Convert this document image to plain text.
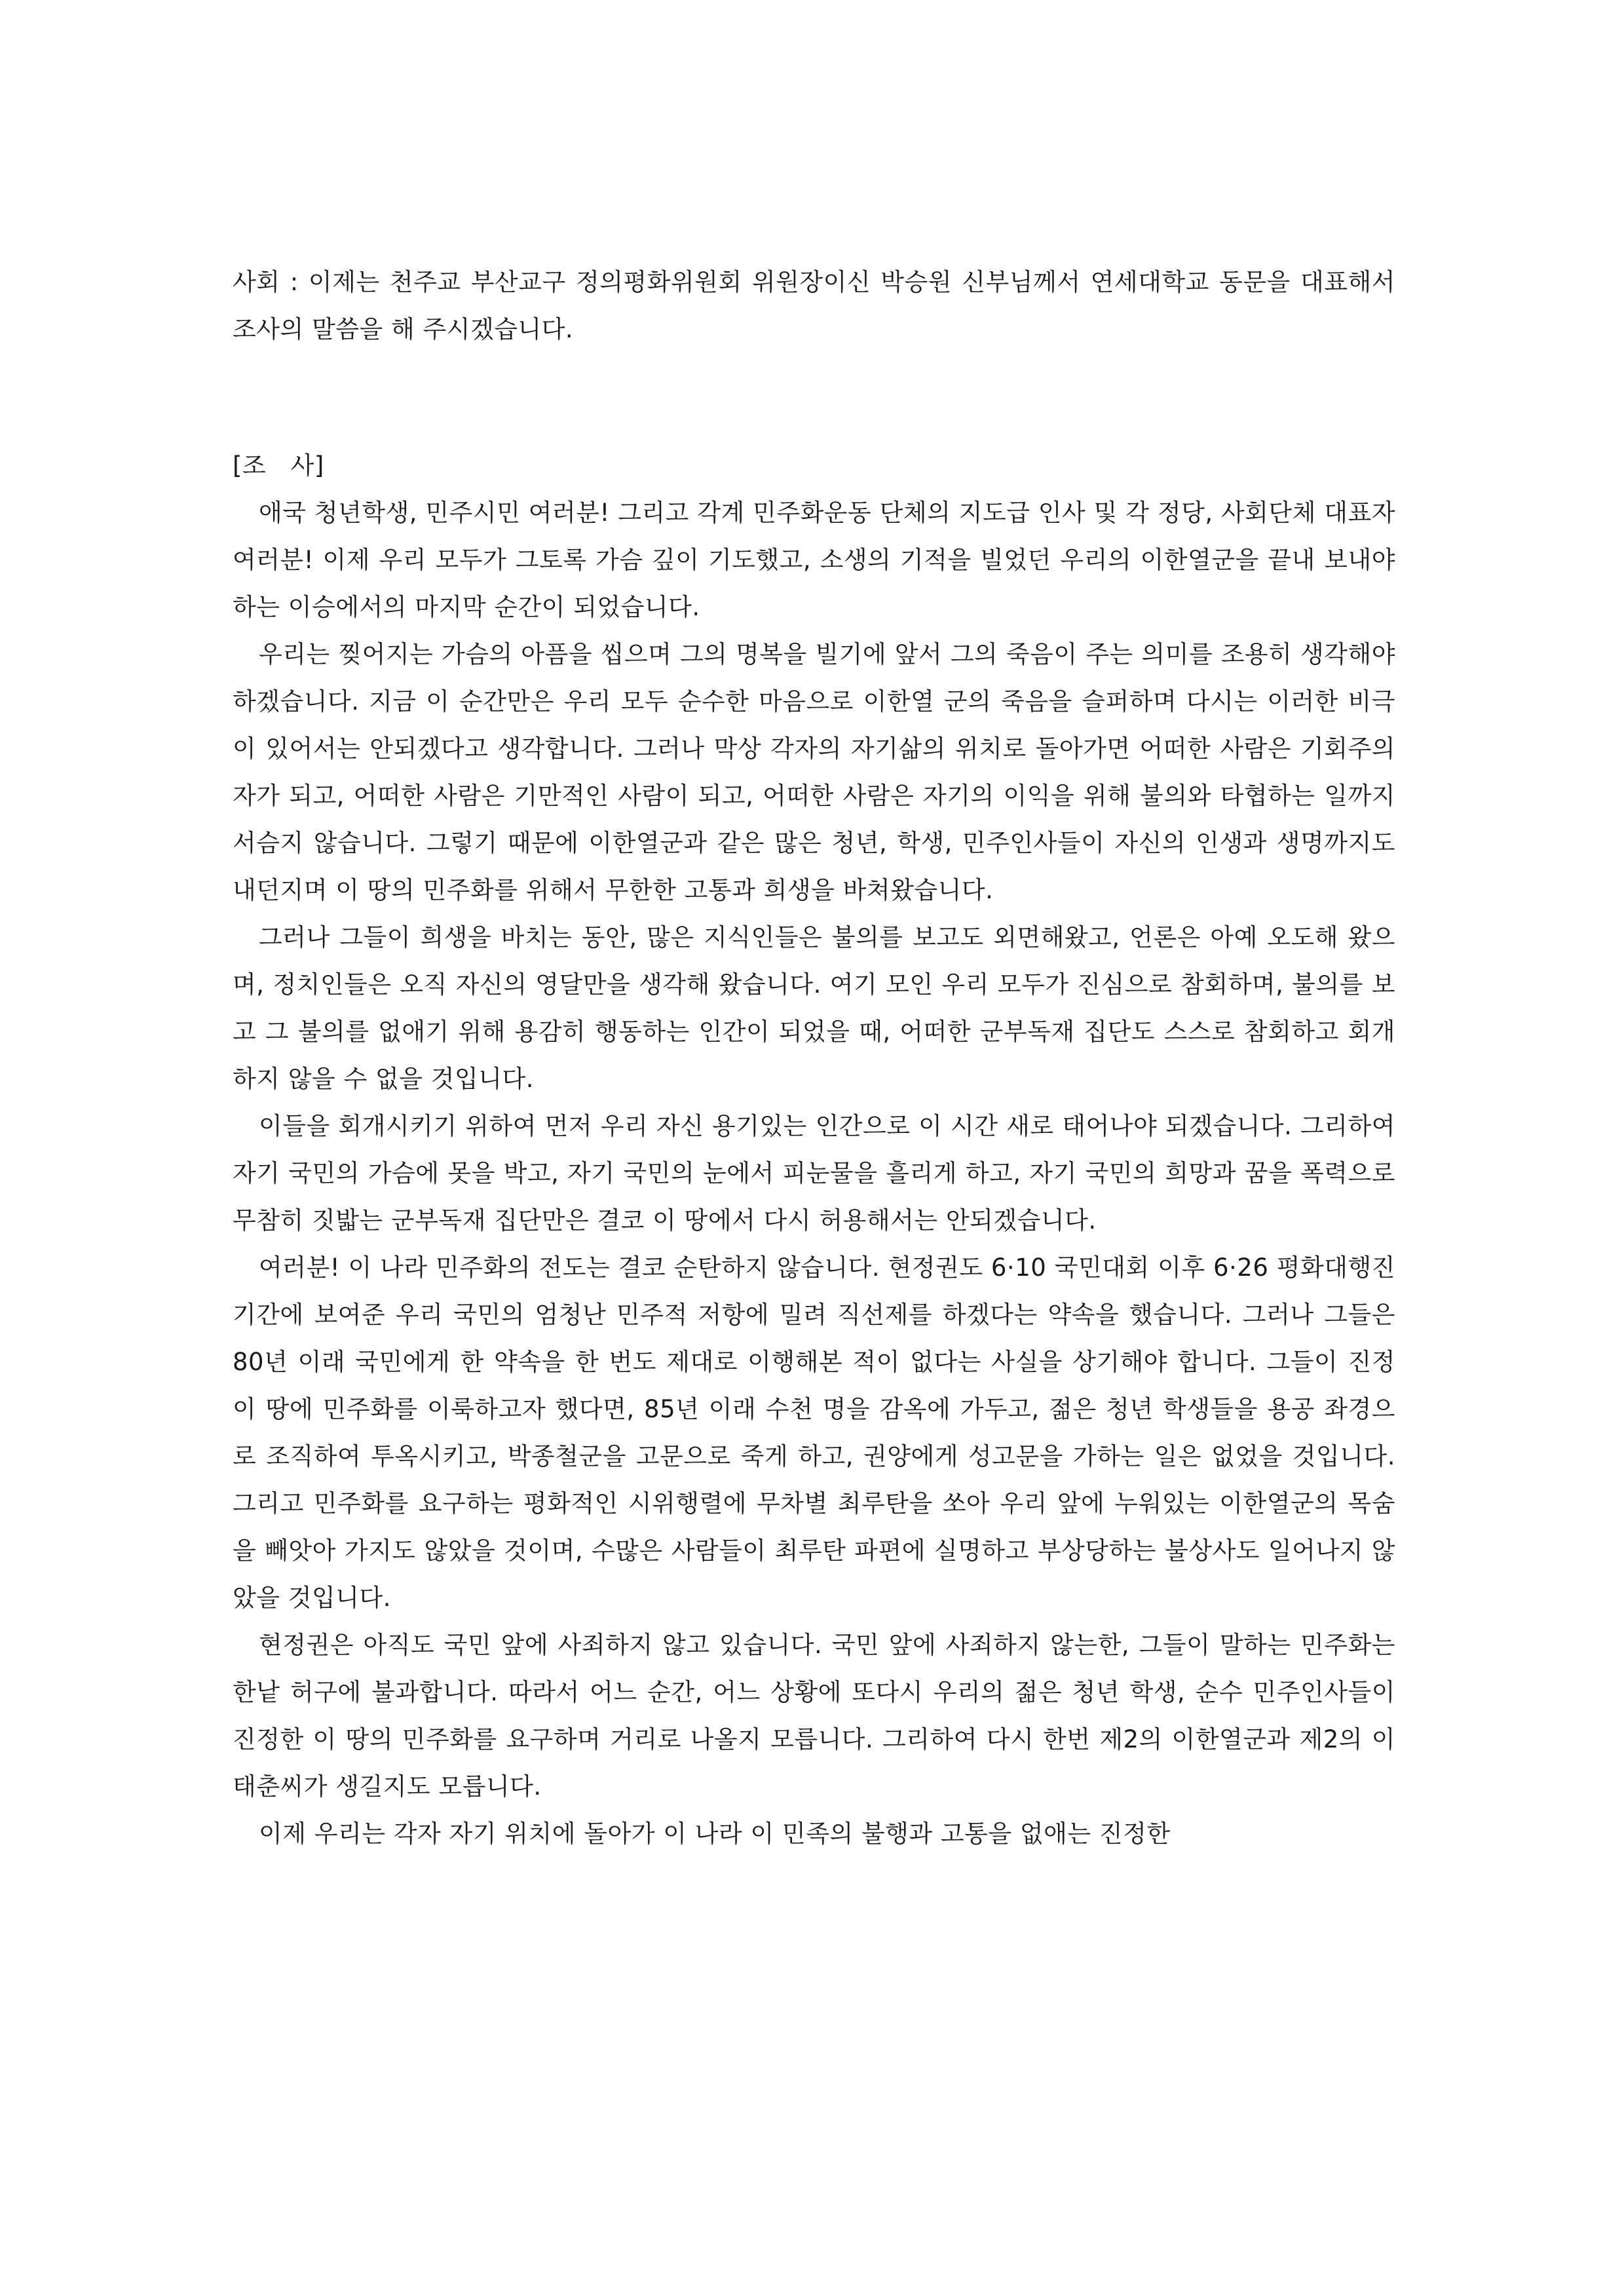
사회 : 이제는 천주교 부산교구 정의평화위원회 위원장이신 박승원 신부님께서 연세대학교 동문을 대표해서 조사의 말씀을 해 주시겠습니다.

[조　사]

애국 청년학생, 민주시민 여러분! 그리고 각계 민주화운동 단체의 지도급 인사 및 각 정당, 사회단체 대표자 여러분! 이제 우리 모두가 그토록 가슴 깊이 기도했고, 소생의 기적을 빌었던 우리의 이한열군을 끝내 보내야 하는 이승에서의 마지막 순간이 되었습니다.

우리는 찢어지는 가슴의 아픔을 씹으며 그의 명복을 빌기에 앞서 그의 죽음이 주는 의미를 조용히 생각해야 하겠습니다. 지금 이 순간만은 우리 모두 순수한 마음으로 이한열 군의 죽음을 슬퍼하며 다시는 이러한 비극이 있어서는 안되겠다고 생각합니다. 그러나 막상 각자의 자기삶의 위치로 돌아가면 어떠한 사람은 기회주의자가 되고, 어떠한 사람은 기만적인 사람이 되고, 어떠한 사람은 자기의 이익을 위해 불의와 타협하는 일까지 서슴지 않습니다. 그렇기 때문에 이한열군과 같은 많은 청년, 학생, 민주인사들이 자신의 인생과 생명까지도 내던지며 이 땅의 민주화를 위해서 무한한 고통과 희생을 바쳐왔습니다.

그러나 그들이 희생을 바치는 동안, 많은 지식인들은 불의를 보고도 외면해왔고, 언론은 아예 오도해 왔으며, 정치인들은 오직 자신의 영달만을 생각해 왔습니다. 여기 모인 우리 모두가 진심으로 참회하며, 불의를 보고 그 불의를 없애기 위해 용감히 행동하는 인간이 되었을 때, 어떠한 군부독재 집단도 스스로 참회하고 회개하지 않을 수 없을 것입니다.

이들을 회개시키기 위하여 먼저 우리 자신 용기있는 인간으로 이 시간 새로 태어나야 되겠습니다. 그리하여 자기 국민의 가슴에 못을 박고, 자기 국민의 눈에서 피눈물을 흘리게 하고, 자기 국민의 희망과 꿈을 폭력으로 무참히 짓밟는 군부독재 집단만은 결코 이 땅에서 다시 허용해서는 안되겠습니다.

여러분! 이 나라 민주화의 전도는 결코 순탄하지 않습니다. 현정권도 6·10 국민대회 이후 6·26 평화대행진 기간에 보여준 우리 국민의 엄청난 민주적 저항에 밀려 직선제를 하겠다는 약속을 했습니다. 그러나 그들은 80년 이래 국민에게 한 약속을 한 번도 제대로 이행해본 적이 없다는 사실을 상기해야 합니다. 그들이 진정 이 땅에 민주화를 이룩하고자 했다면, 85년 이래 수천 명을 감옥에 가두고, 젊은 청년 학생들을 용공 좌경으로 조직하여 투옥시키고, 박종철군을 고문으로 죽게 하고, 권양에게 성고문을 가하는 일은 없었을 것입니다. 그리고 민주화를 요구하는 평화적인 시위행렬에 무차별 최루탄을 쏘아 우리 앞에 누워있는 이한열군의 목숨을 빼앗아 가지도 않았을 것이며, 수많은 사람들이 최루탄 파편에 실명하고 부상당하는 불상사도 일어나지 않았을 것입니다.

현정권은 아직도 국민 앞에 사죄하지 않고 있습니다. 국민 앞에 사죄하지 않는한, 그들이 말하는 민주화는 한낱 허구에 불과합니다. 따라서 어느 순간, 어느 상황에 또다시 우리의 젊은 청년 학생, 순수 민주인사들이 진정한 이 땅의 민주화를 요구하며 거리로 나올지 모릅니다. 그리하여 다시 한번 제2의 이한열군과 제2의 이태춘씨가 생길지도 모릅니다.

이제 우리는 각자 자기 위치에 돌아가 이 나라 이 민족의 불행과 고통을 없애는 진정한
